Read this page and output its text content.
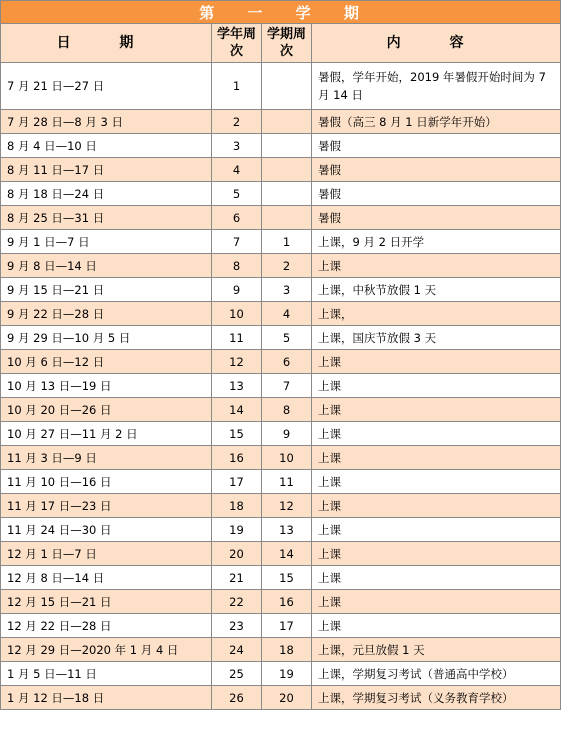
第 一 学 期			
日 期	学年周次	学期周次	内 容
7 月 21 日—27 日	1		暑假，学年开始，2019 年暑假开始时间为 7 月 14 日
7 月 28 日—8 月 3 日	2		暑假（高三 8 月 1 日新学年开始）
8 月 4 日—10 日	3		暑假
8 月 11 日—17 日	4		暑假
8 月 18 日—24 日	5		暑假
8 月 25 日—31 日	6		暑假
9 月 1 日—7 日	7	1	上课，9 月 2 日开学
9 月 8 日—14 日	8	2	上课
9 月 15 日—21 日	9	3	上课，中秋节放假 1 天
9 月 22 日—28 日	10	4	上课，
9 月 29 日—10 月 5 日	11	5	上课，国庆节放假 3 天
10 月 6 日—12 日	12	6	上课
10 月 13 日—19 日	13	7	上课
10 月 20 日—26 日	14	8	上课
10 月 27 日—11 月 2 日	15	9	上课
11 月 3 日—9 日	16	10	上课
11 月 10 日—16 日	17	11	上课
11 月 17 日—23 日	18	12	上课
11 月 24 日—30 日	19	13	上课
12 月 1 日—7 日	20	14	上课
12 月 8 日—14 日	21	15	上课
12 月 15 日—21 日	22	16	上课
12 月 22 日—28 日	23	17	上课
12 月 29 日—2020 年 1 月 4 日	24	18	上课，元旦放假 1 天
1 月 5 日—11 日	25	19	上课，学期复习考试（普通高中学校）
1 月 12 日—18 日	26	20	上课，学期复习考试（义务教育学校）
